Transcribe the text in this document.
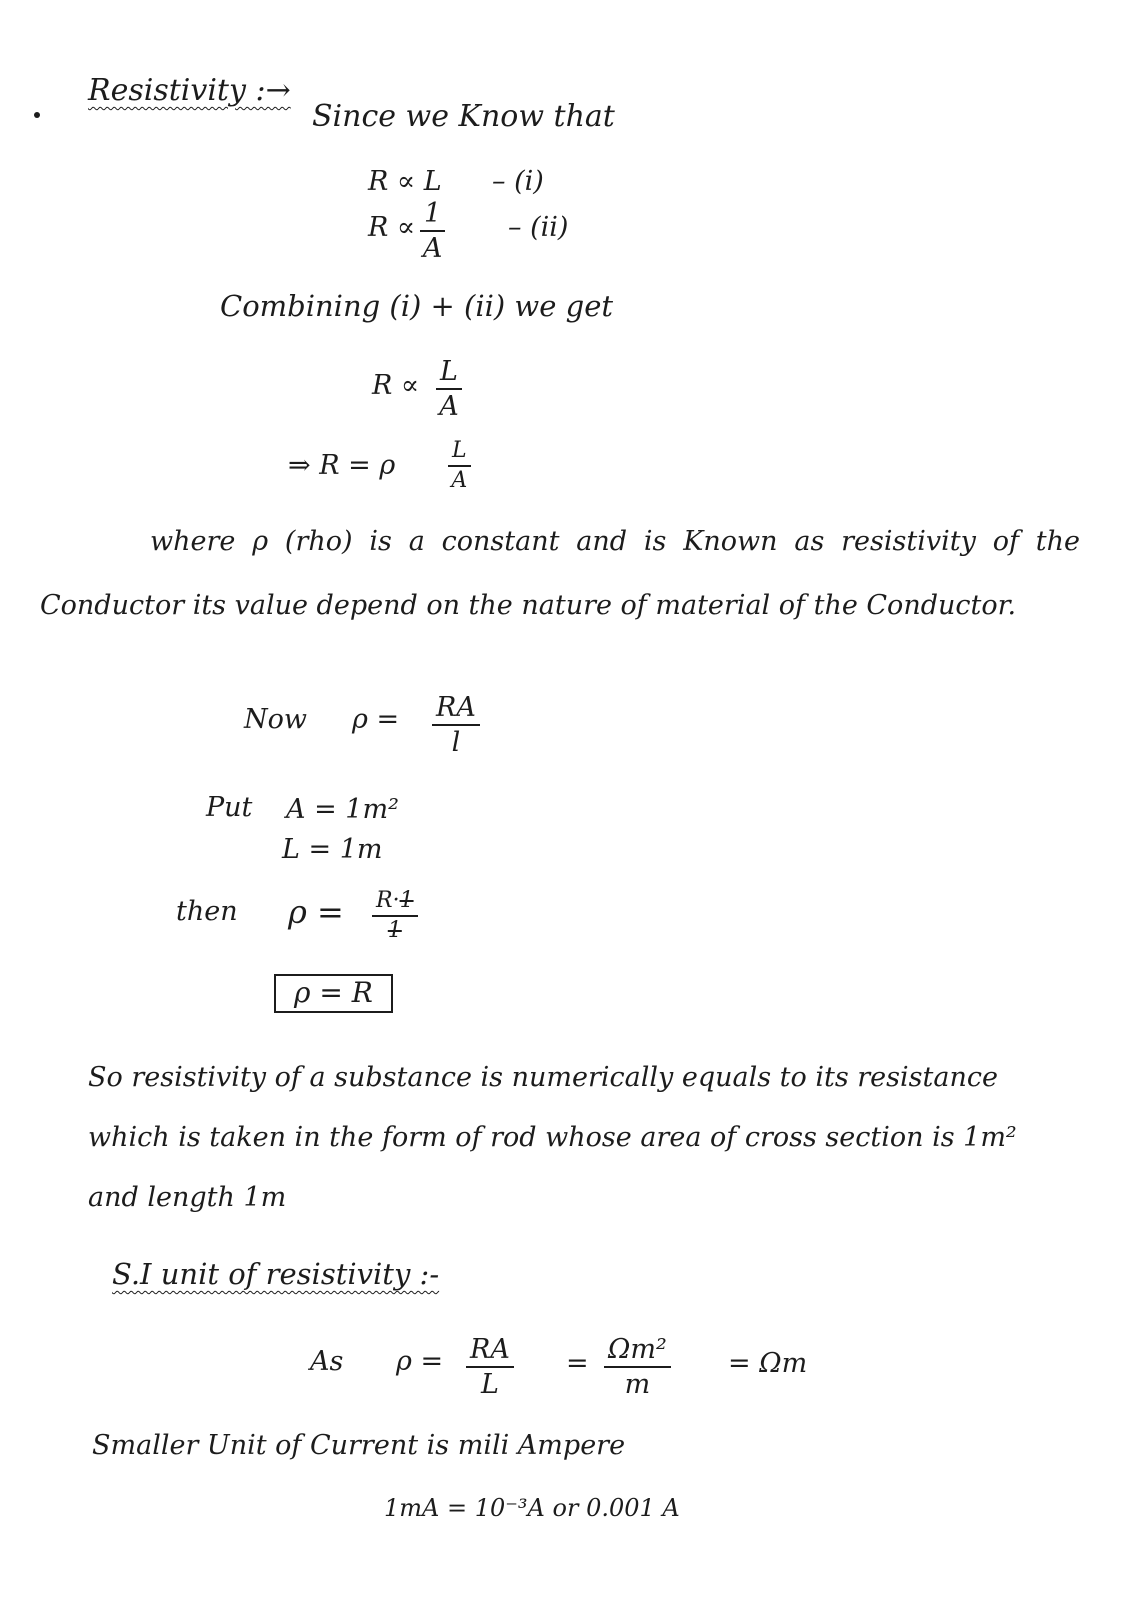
Resistivity :→
Since we Know that
R ∝ L – (i)
$R \propto \frac{1}{A} - (ii)$
Combining (i) + (ii) we get
$R \propto \frac{L}{A}$
⇒ R = ρ $\frac{L}{A}$
where ρ (rho) is a constant and is Known as resistivity of the Conductor its value depend on the nature of material of the Conductor.
Now $\rho = \frac{RA}{l}$
Put A = 1m²
L = 1m
then $\rho = \frac{R\cdot 1}{1}$
ρ = R
So resistivity of a substance is numerically equals to its resistance which is taken in the form of rod whose area of cross section is 1m² and length 1m
S.I unit of resistivity :-
As $\rho = \frac{RA}{L} = \frac{\text{Ωm²}}{m} = \Omega m$
Smaller Unit of Current is mili Ampere
1mA = 10⁻³A or 0.001 A
